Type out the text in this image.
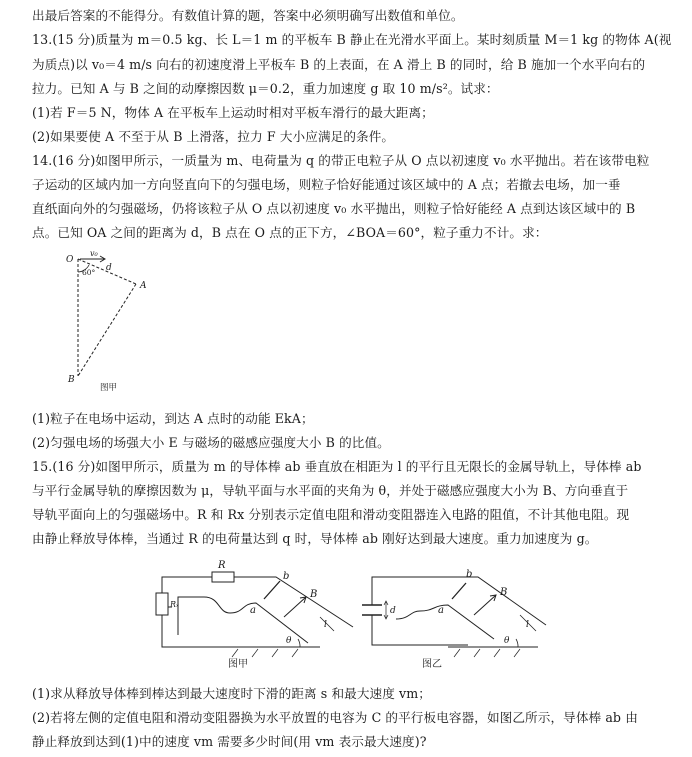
出最后答案的不能得分。有数值计算的题，答案中必须明确写出数值和单位。
13.(15 分)质量为 m＝0.5 kg、长 L＝1 m 的平板车 B 静止在光滑水平面上。某时刻质量 M＝1 kg 的物体 A(视
为质点)以 v₀＝4 m/s 向右的初速度滑上平板车 B 的上表面，在 A 滑上 B 的同时，给 B 施加一个水平向右的
拉力。已知 A 与 B 之间的动摩擦因数 μ＝0.2，重力加速度 g 取 10 m/s²。试求：
(1)若 F＝5 N，物体 A 在平板车上运动时相对平板车滑行的最大距离；
(2)如果要使 A 不至于从 B 上滑落，拉力 F 大小应满足的条件。
14.(16 分)如图甲所示，一质量为 m、电荷量为 q 的带正电粒子从 O 点以初速度 v₀ 水平抛出。若在该带电粒
子运动的区域内加一方向竖直向下的匀强电场，则粒子恰好能通过该区域中的 A 点；若撤去电场，加一垂
直纸面向外的匀强磁场，仍将该粒子从 O 点以初速度 v₀ 水平抛出，则粒子恰好能经 A 点到达该区域中的 B
点。已知 OA 之间的距离为 d，B 点在 O 点的正下方，∠BOA＝60°，粒子重力不计。求：
O
v₀
d
60°
A
B
图甲
(1)粒子在电场中运动，到达 A 点时的动能 EkA；
(2)匀强电场的场强大小 E 与磁场的磁感应强度大小 B 的比值。
15.(16 分)如图甲所示，质量为 m 的导体棒 ab 垂直放在相距为 l 的平行且无限长的金属导轨上，导体棒 ab
与平行金属导轨的摩擦因数为 μ，导轨平面与水平面的夹角为 θ，并处于磁感应强度大小为 B、方向垂直于
导轨平面向上的匀强磁场中。R 和 Rx 分别表示定值电阻和滑动变阻器连入电路的阻值，不计其他电阻。现
由静止释放导体棒，当通过 R 的电荷量达到 q 时，导体棒 ab 刚好达到最大速度。重力加速度为 g。
R
Rₓ
b
a
B
θ
l
图甲
b
a
d
B
θ
l
图乙
(1)求从释放导体棒到棒达到最大速度时下滑的距离 s 和最大速度 vm；
(2)若将左侧的定值电阻和滑动变阻器换为水平放置的电容为 C 的平行板电容器，如图乙所示，导体棒 ab 由
静止释放到达到(1)中的速度 vm 需要多少时间(用 vm 表示最大速度)?
